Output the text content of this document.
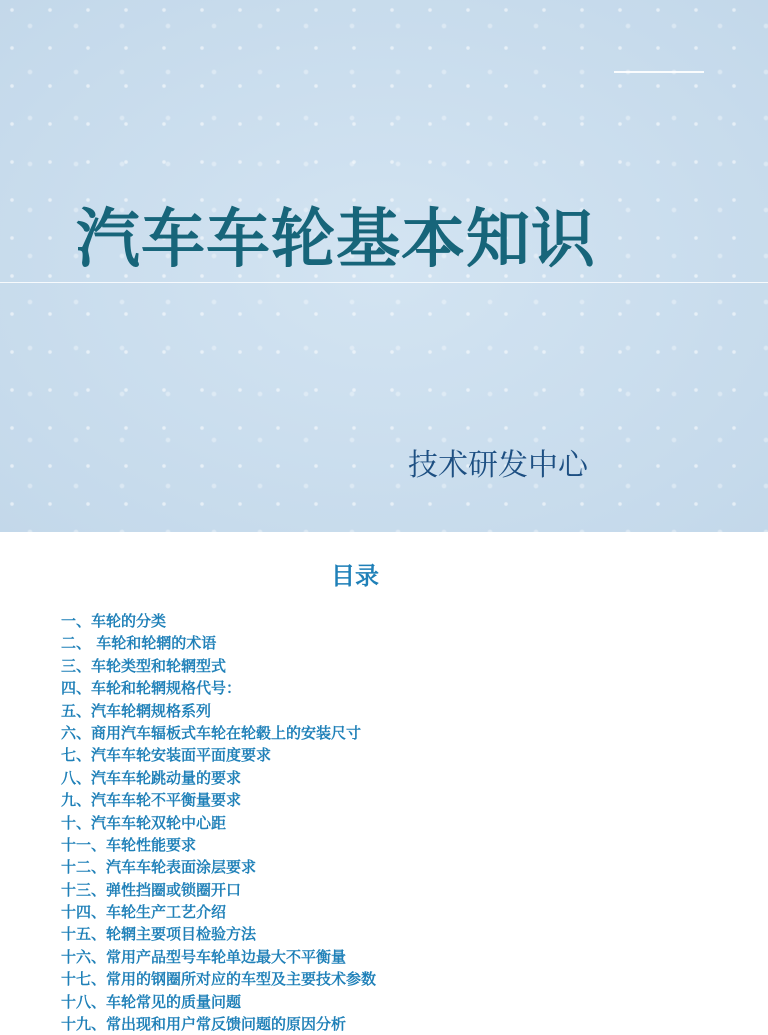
汽车车轮基本知识
技术研发中心
目录
一、车轮的分类
二、 车轮和轮辋的术语
三、车轮类型和轮辋型式
四、车轮和轮辋规格代号：
五、汽车轮辋规格系列
六、商用汽车辐板式车轮在轮毂上的安装尺寸
七、汽车车轮安装面平面度要求
八、汽车车轮跳动量的要求
九、汽车车轮不平衡量要求
十、汽车车轮双轮中心距
十一、车轮性能要求
十二、汽车车轮表面涂层要求
十三、弹性挡圈或锁圈开口
十四、车轮生产工艺介绍
十五、轮辋主要项目检验方法
十六、常用产品型号车轮单边最大不平衡量
十七、常用的钢圈所对应的车型及主要技术参数
十八、车轮常见的质量问题
十九、常出现和用户常反馈问题的原因分析
